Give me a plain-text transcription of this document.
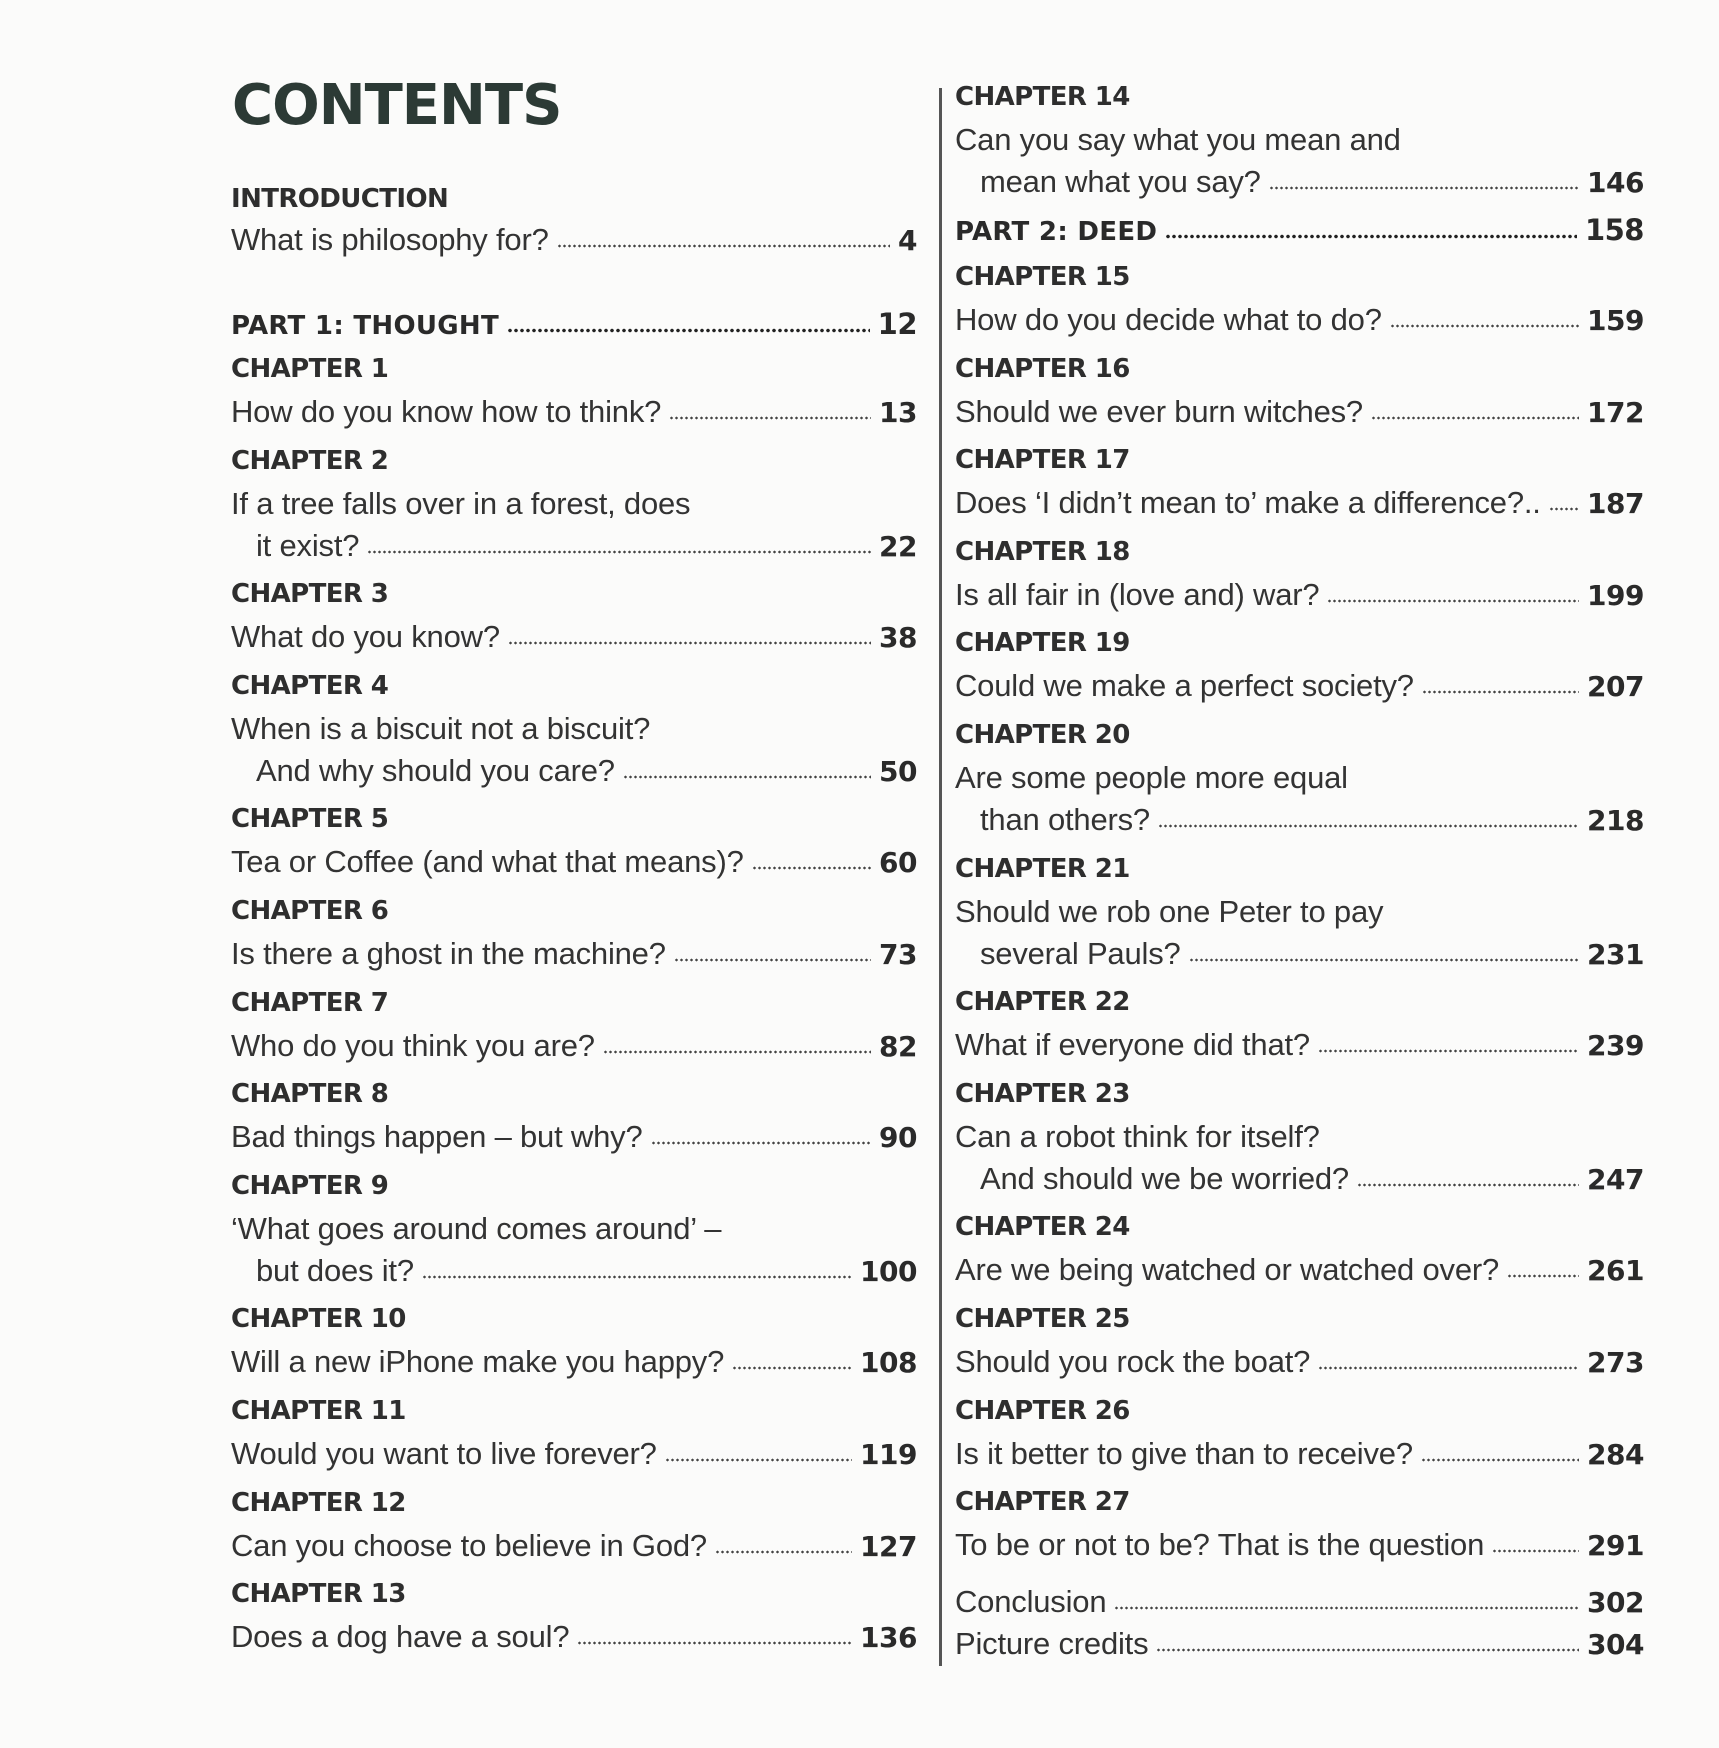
CONTENTS
INTRODUCTION
What is philosophy for?	4
PART 1: THOUGHT	12
CHAPTER 1
How do you know how to think?	13
CHAPTER 2
If a tree falls over in a forest, does
it exist?	22
CHAPTER 3
What do you know?	38
CHAPTER 4
When is a biscuit not a biscuit?
And why should you care?	50
CHAPTER 5
Tea or Coffee (and what that means)?	60
CHAPTER 6
Is there a ghost in the machine?	73
CHAPTER 7
Who do you think you are?	82
CHAPTER 8
Bad things happen – but why?	90
CHAPTER 9
‘What goes around comes around’ –
but does it?	100
CHAPTER 10
Will a new iPhone make you happy?	108
CHAPTER 11
Would you want to live forever?	119
CHAPTER 12
Can you choose to believe in God?	127
CHAPTER 13
Does a dog have a soul?	136
CHAPTER 14
Can you say what you mean and
mean what you say?	146
PART 2: DEED	158
CHAPTER 15
How do you decide what to do?	159
CHAPTER 16
Should we ever burn witches?	172
CHAPTER 17
Does ‘I didn’t mean to’ make a difference?.. 187
CHAPTER 18
Is all fair in (love and) war?	199
CHAPTER 19
Could we make a perfect society?	207
CHAPTER 20
Are some people more equal
than others?	218
CHAPTER 21
Should we rob one Peter to pay
several Pauls?	231
CHAPTER 22
What if everyone did that?	239
CHAPTER 23
Can a robot think for itself?
And should we be worried?	247
CHAPTER 24
Are we being watched or watched over?	261
CHAPTER 25
Should you rock the boat?	273
CHAPTER 26
Is it better to give than to receive?	284
CHAPTER 27
To be or not to be? That is the question	291
Conclusion	302
Picture credits	304
